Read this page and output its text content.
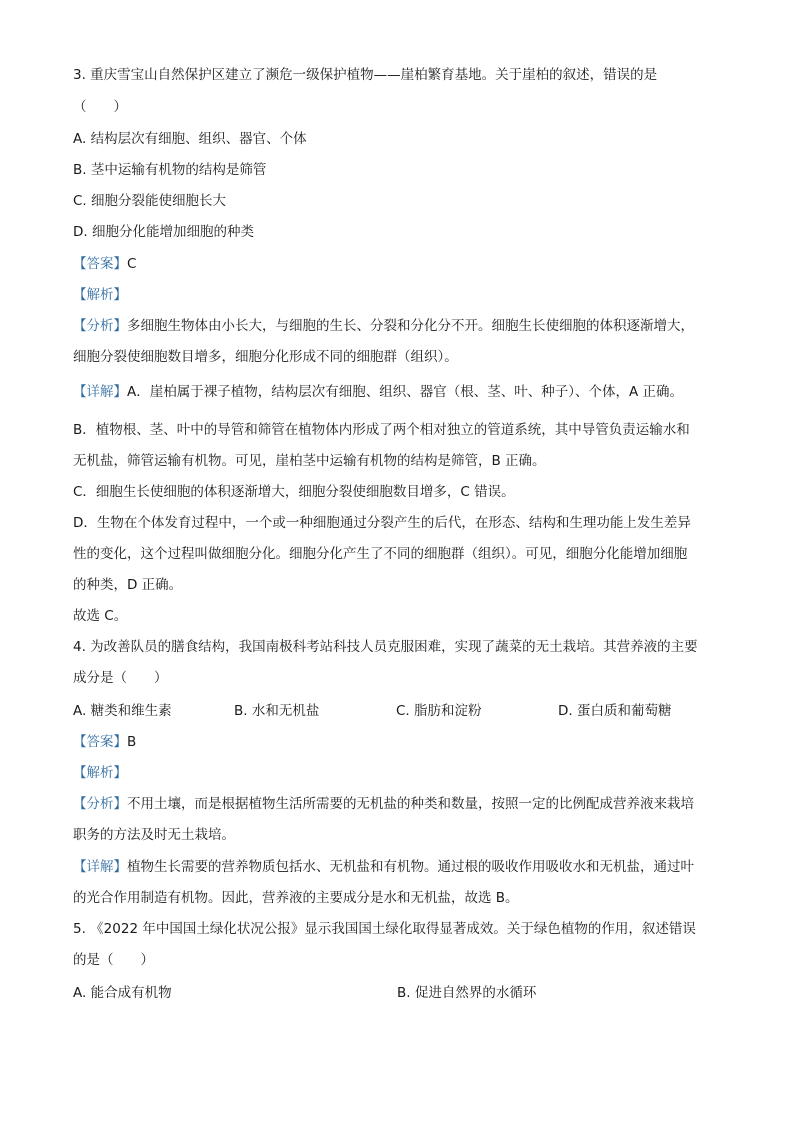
3. 重庆雪宝山自然保护区建立了濒危一级保护植物——崖柏繁育基地。关于崖柏的叙述，错误的是
（　　）
A. 结构层次有细胞、组织、器官、个体
B. 茎中运输有机物的结构是筛管
C. 细胞分裂能使细胞长大
D. 细胞分化能增加细胞的种类
【答案】C
【解析】
【分析】多细胞生物体由小长大，与细胞的生长、分裂和分化分不开。细胞生长使细胞的体积逐渐增大，
细胞分裂使细胞数目增多，细胞分化形成不同的细胞群（组织）。
【详解】A．崖柏属于裸子植物，结构层次有细胞、组织、器官（根、茎、叶、种子）、个体，A 正确。
B．植物根、茎、叶中的导管和筛管在植物体内形成了两个相对独立的管道系统，其中导管负责运输水和
无机盐，筛管运输有机物。可见，崖柏茎中运输有机物的结构是筛管，B 正确。
C．细胞生长使细胞的体积逐渐增大，细胞分裂使细胞数目增多，C 错误。
D．生物在个体发育过程中，一个或一种细胞通过分裂产生的后代，在形态、结构和生理功能上发生差异
性的变化，这个过程叫做细胞分化。细胞分化产生了不同的细胞群（组织）。可见，细胞分化能增加细胞
的种类，D 正确。
故选 C。
4. 为改善队员的膳食结构，我国南极科考站科技人员克服困难，实现了蔬菜的无土栽培。其营养液的主要
成分是（　　）
A. 糖类和维生素	B. 水和无机盐	C. 脂肪和淀粉	D. 蛋白质和葡萄糖
【答案】B
【解析】
【分析】不用土壤，而是根据植物生活所需要的无机盐的种类和数量，按照一定的比例配成营养液来栽培
职务的方法及时无土栽培。
【详解】植物生长需要的营养物质包括水、无机盐和有机物。通过根的吸收作用吸收水和无机盐，通过叶
的光合作用制造有机物。因此，营养液的主要成分是水和无机盐，故选 B。
5. 《2022 年中国国土绿化状况公报》显示我国国土绿化取得显著成效。关于绿色植物的作用，叙述错误
的是（　　）
A. 能合成有机物	B. 促进自然界的水循环
